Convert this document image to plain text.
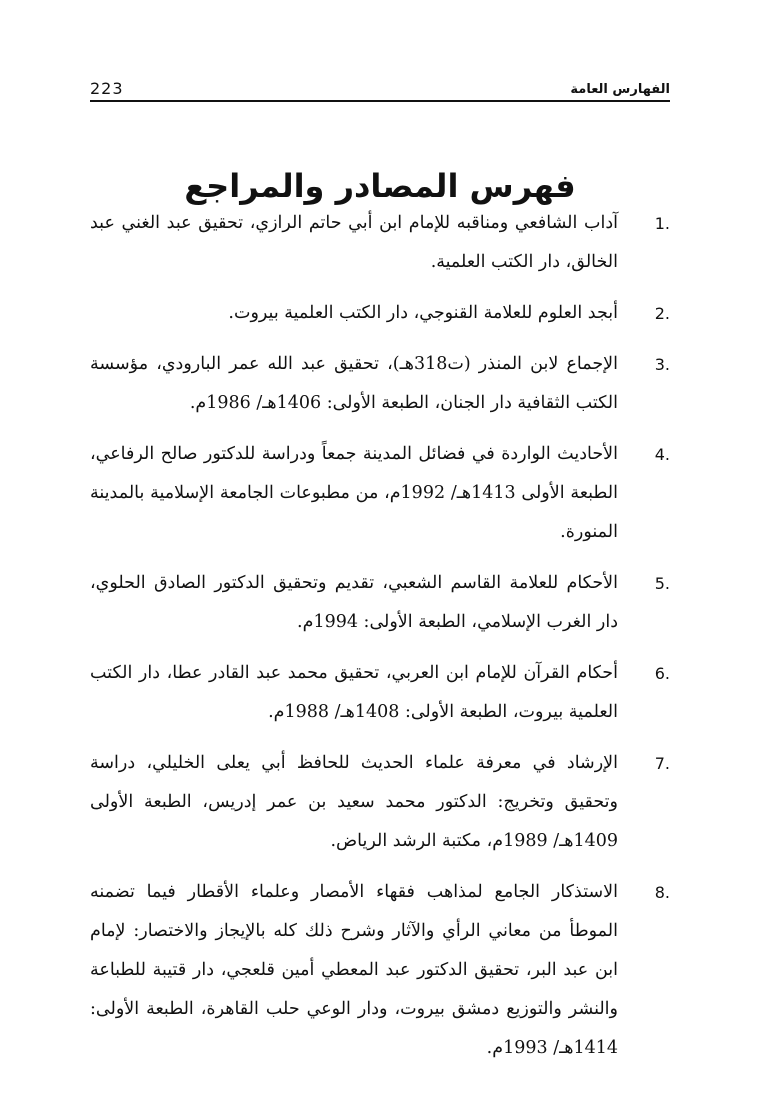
223	الفهارس العامة
فهرس المصادر والمراجع
1.
آداب الشافعي ومناقبه للإمام ابن أبي حاتم الرازي، تحقيق عبد الغني عبد الخالق، دار الكتب العلمية.
2.
أبجد العلوم للعلامة القنوجي، دار الكتب العلمية بيروت.
3.
الإجماع لابن المنذر (ت318هـ)، تحقيق عبد الله عمر البارودي، مؤسسة الكتب الثقافية دار الجنان، الطبعة الأولى: 1406هـ/ 1986م.
4.
الأحاديث الواردة في فضائل المدينة جمعاً ودراسة للدكتور صالح الرفاعي، الطبعة الأولى 1413هـ/ 1992م، من مطبوعات الجامعة الإسلامية بالمدينة المنورة.
5.
الأحكام للعلامة القاسم الشعبي، تقديم وتحقيق الدكتور الصادق الحلوي، دار الغرب الإسلامي، الطبعة الأولى: 1994م.
6.
أحكام القرآن للإمام ابن العربي، تحقيق محمد عبد القادر عطا، دار الكتب العلمية بيروت، الطبعة الأولى: 1408هـ/ 1988م.
7.
الإرشاد في معرفة علماء الحديث للحافظ أبي يعلى الخليلي، دراسة وتحقيق وتخريج: الدكتور محمد سعيد بن عمر إدريس، الطبعة الأولى 1409هـ/ 1989م، مكتبة الرشد الرياض.
8.
الاستذكار الجامع لمذاهب فقهاء الأمصار وعلماء الأقطار فيما تضمنه الموطأ من معاني الرأي والآثار وشرح ذلك كله بالإيجاز والاختصار: لإمام ابن عبد البر، تحقيق الدكتور عبد المعطي أمين قلعجي، دار قتيبة للطباعة والنشر والتوزيع دمشق بيروت، ودار الوعي حلب القاهرة، الطبعة الأولى: 1414هـ/ 1993م.
